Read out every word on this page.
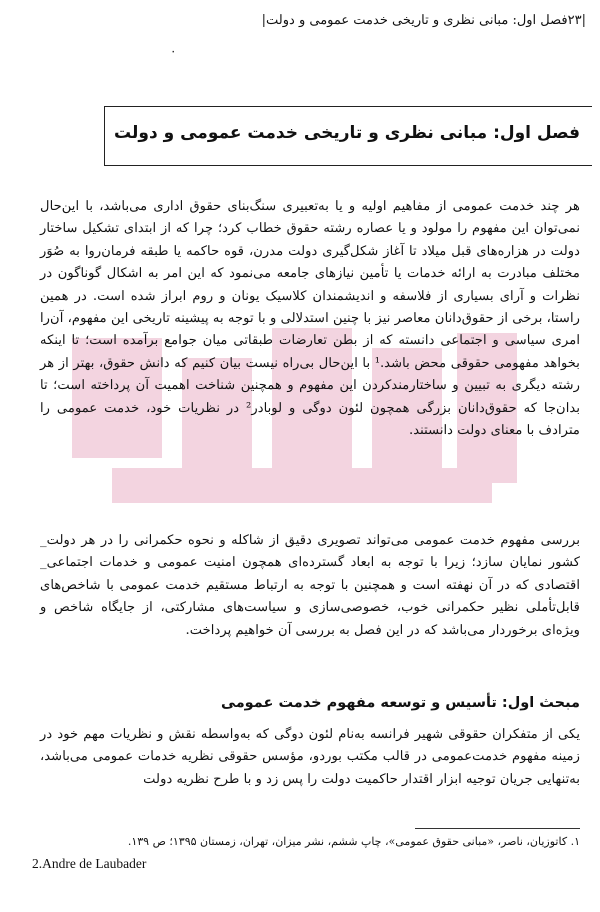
|۲۳فصل اول: مبانی نظری و تاریخی خدمت عمومی و دولت|
٠
فصل اول: مبانی نظری و تاریخی خدمت عمومی و دولت

هر چند خدمت عمومی از مفاهیم اولیه و یا به‌تعبیری سنگ‌بنای حقوق اداری می‌باشد، با این‌حال نمی‌توان این مفهوم را مولود و یا عصاره رشته حقوق خطاب کرد؛ چرا که از ابتدای تشکیل ساختار دولت در هزاره‌های قبل میلاد تا آغاز شکل‌گیری دولت مدرن، قوه حاکمه یا طبقه فرمان‌روا به صُوَر مختلف مبادرت به ارائه خدمات یا تأمین نیازهای جامعه می‌نمود که این امر به اشکال گوناگون در نظرات و آرای بسیاری از فلاسفه و اندیشمندان کلاسیک یونان و روم ابراز شده است. در همین راستا، برخی از حقوق‌دانان معاصر نیز با چنین استدلالی و با توجه به پیشینه تاریخی این مفهوم، آن‌را امری سیاسی و اجتماعی دانسته که از بطن تعارضات طبقاتی میان جوامع برآمده است؛ تا اینکه بخواهد مفهومی حقوقی محض باشد.¹ با این‌حال بی‌راه نیست بیان کنیم که دانش حقوق، بهتر از هر رشته دیگری به تبیین و ساختارمندکردن این مفهوم و همچنین شناخت اهمیت آن پرداخته است؛ تا بدان‌جا که حقوق‌دانان بزرگی همچون لئون دوگی و لوبادر² در نظریات خود، خدمت عمومی را مترادف با معنای دولت دانستند.

بررسی مفهوم خدمت عمومی می‌تواند تصویری دقیق از شاکله و نحوه حکمرانی را در هر دولت_ کشور نمایان سازد؛ زیرا با توجه به ابعاد گسترده‌ای همچون امنیت عمومی و خدمات اجتماعی_ اقتصادی که در آن نهفته است و همچنین با توجه به ارتباط مستقیم خدمت عمومی با شاخص‌های قابل‌تأملی نظیر حکمرانی خوب، خصوصی‌سازی و سیاست‌های مشارکتی، از جایگاه شاخص و ویژه‌ای برخوردار می‌باشد که در این فصل به بررسی آن خواهیم پرداخت.

مبحث اول: تأسیس و توسعه مفهوم خدمت عمومی

یکی از متفکران حقوقی شهیر فرانسه به‌نام لئون دوگی که به‌واسطه نقش و نظریات مهم خود در زمینه مفهوم خدمت‌عمومی در قالب مکتب بوردو، مؤسس حقوقی نظریه خدمات عمومی می‌باشد، به‌تنهایی جریان توجیه ابزار اقتدار حاکمیت دولت را پس زد و با طرح نظریه دولت

۱. کاتوزیان، ناصر، «مبانی حقوق عمومی»، چاپ ششم، نشر میزان، تهران، زمستان ۱۳۹۵؛ ص ۱۳۹.
2.Andre de Laubader
